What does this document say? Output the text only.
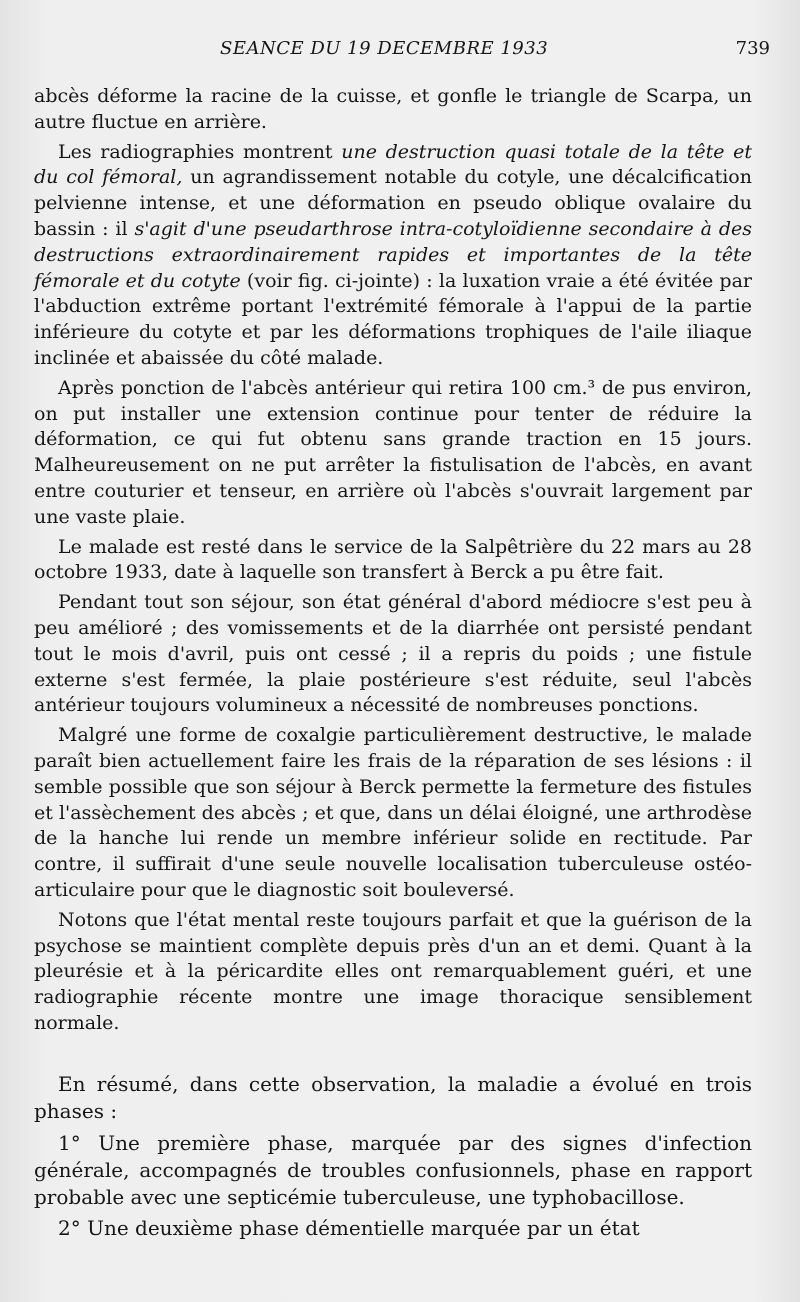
SEANCE DU 19 DECEMBRE 1933	739

abcès déforme la racine de la cuisse, et gonfle le triangle de Scarpa, un autre fluctue en arrière.

Les radiographies montrent une destruction quasi totale de la tête et du col fémoral, un agrandissement notable du cotyle, une décalcification pelvienne intense, et une déformation en pseudo oblique ovalaire du bassin : il s'agit d'une pseudarthrose intra-cotyloïdienne secondaire à des destructions extraordinairement rapides et importantes de la tête fémorale et du cotyte (voir fig. ci-jointe) : la luxation vraie a été évitée par l'abduction extrême portant l'extrémité fémorale à l'appui de la partie inférieure du cotyte et par les déformations trophiques de l'aile iliaque inclinée et abaissée du côté malade.

Après ponction de l'abcès antérieur qui retira 100 cm.³ de pus environ, on put installer une extension continue pour tenter de réduire la déformation, ce qui fut obtenu sans grande traction en 15 jours. Malheureusement on ne put arrêter la fistulisation de l'abcès, en avant entre couturier et tenseur, en arrière où l'abcès s'ouvrait largement par une vaste plaie.

Le malade est resté dans le service de la Salpêtrière du 22 mars au 28 octobre 1933, date à laquelle son transfert à Berck a pu être fait.

Pendant tout son séjour, son état général d'abord médiocre s'est peu à peu amélioré ; des vomissements et de la diarrhée ont persisté pendant tout le mois d'avril, puis ont cessé ; il a repris du poids ; une fistule externe s'est fermée, la plaie postérieure s'est réduite, seul l'abcès antérieur toujours volumineux a nécessité de nombreuses ponctions.

Malgré une forme de coxalgie particulièrement destructive, le malade paraît bien actuellement faire les frais de la réparation de ses lésions : il semble possible que son séjour à Berck permette la fermeture des fistules et l'assèchement des abcès ; et que, dans un délai éloigné, une arthrodèse de la hanche lui rende un membre inférieur solide en rectitude. Par contre, il suffirait d'une seule nouvelle localisation tuberculeuse ostéo-articulaire pour que le diagnostic soit bouleversé.

Notons que l'état mental reste toujours parfait et que la guérison de la psychose se maintient complète depuis près d'un an et demi. Quant à la pleurésie et à la péricardite elles ont remarquablement guéri, et une radiographie récente montre une image thoracique sensiblement normale.

En résumé, dans cette observation, la maladie a évolué en trois phases :

1° Une première phase, marquée par des signes d'infection générale, accompagnés de troubles confusionnels, phase en rapport probable avec une septicémie tuberculeuse, une typhobacillose.

2° Une deuxième phase démentielle marquée par un état
